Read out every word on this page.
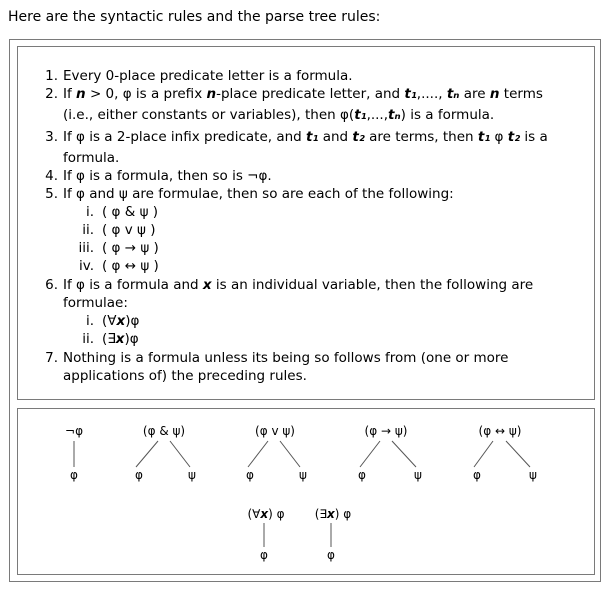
Here are the syntactic rules and the parse tree rules:
1. Every 0-place predicate letter is a formula.
2. If n > 0, φ is a prefix n-place predicate letter, and t₁,...., tₙ are n terms
(i.e., either constants or variables), then φ(t₁,...,tₙ) is a formula.
3. If φ is a 2-place infix predicate, and t₁ and t₂ are terms, then t₁ φ t₂ is a
formula.
4. If φ is a formula, then so is ¬φ.
5. If φ and ψ are formulae, then so are each of the following:
i. ( φ & ψ )
ii. ( φ v ψ )
iii. ( φ → ψ )
iv. ( φ ↔ ψ )
6. If φ is a formula and x is an individual variable, then the following are
formulae:
i. (∀x)φ
ii. (∃x)φ
7. Nothing is a formula unless its being so follows from (one or more
applications of) the preceding rules.
¬φ
φ
(φ & ψ)
φ	ψ
(φ v ψ)
φ	ψ
(φ → ψ)
φ	ψ
(φ ↔ ψ)
φ	ψ
(∀x) φ
φ
(∃x) φ
φ
